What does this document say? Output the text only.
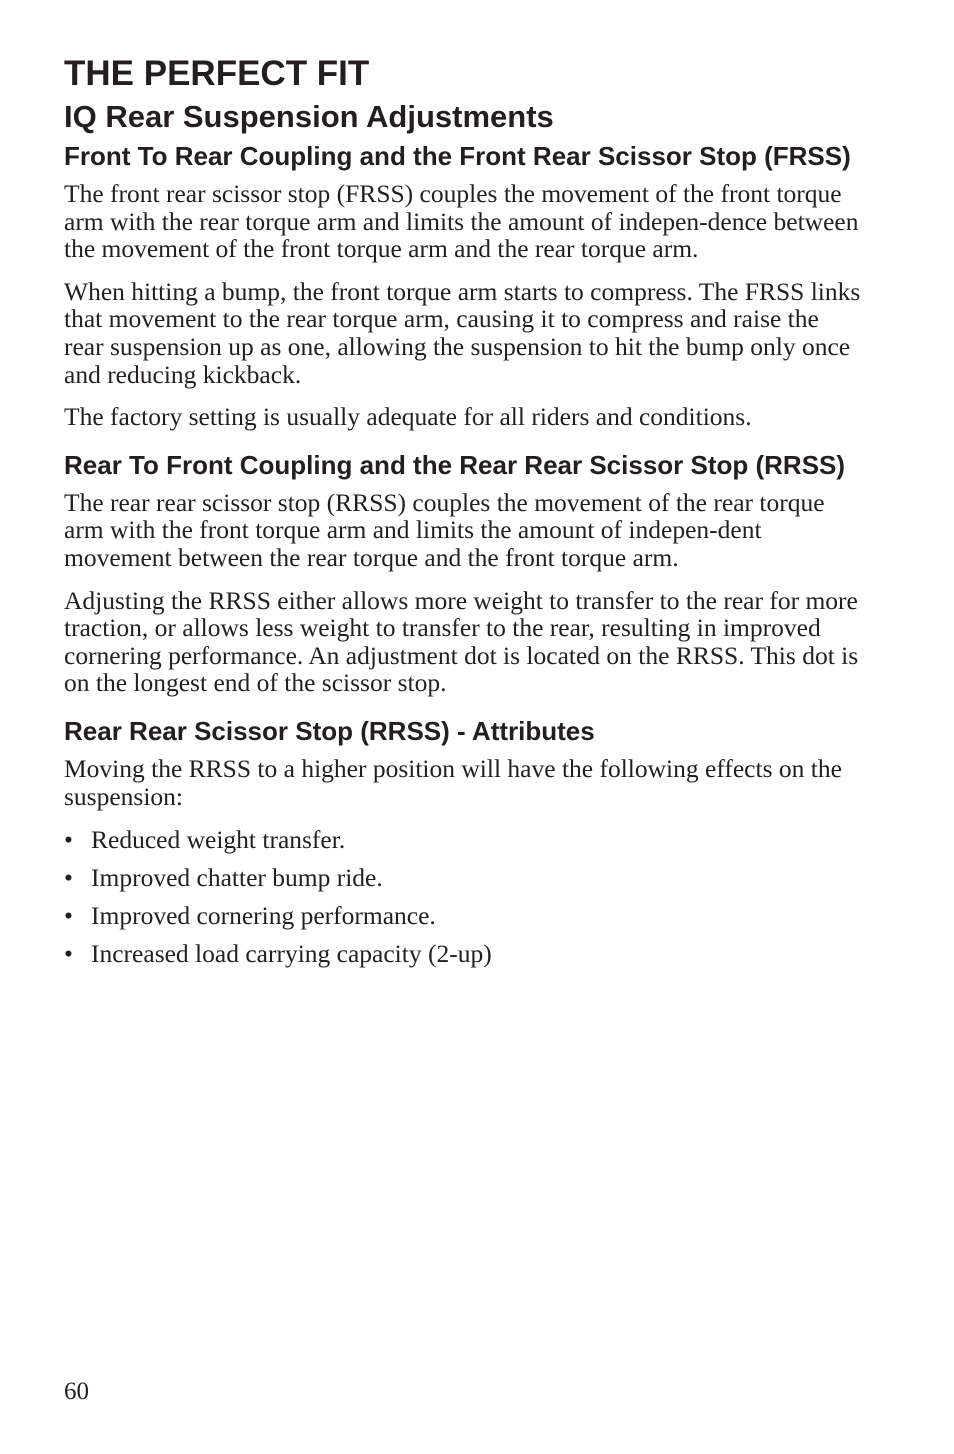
THE PERFECT FIT
IQ Rear Suspension Adjustments
Front To Rear Coupling and the Front Rear Scissor Stop (FRSS)

The front rear scissor stop (FRSS) couples the movement of the front torque arm with the rear torque arm and limits the amount of indepen-dence between the movement of the front torque arm and the rear torque arm.

When hitting a bump, the front torque arm starts to compress. The FRSS links that movement to the rear torque arm, causing it to compress and raise the rear suspension up as one, allowing the suspension to hit the bump only once and reducing kickback.

The factory setting is usually adequate for all riders and conditions.

Rear To Front Coupling and the Rear Rear Scissor Stop (RRSS)

The rear rear scissor stop (RRSS) couples the movement of the rear torque arm with the front torque arm and limits the amount of indepen-dent movement between the rear torque and the front torque arm.

Adjusting the RRSS either allows more weight to transfer to the rear for more traction, or allows less weight to transfer to the rear, resulting in improved cornering performance. An adjustment dot is located on the RRSS. This dot is on the longest end of the scissor stop.

Rear Rear Scissor Stop (RRSS) - Attributes

Moving the RRSS to a higher position will have the following effects on the suspension:

• Reduced weight transfer.
• Improved chatter bump ride.
• Improved cornering performance.
• Increased load carrying capacity (2-up)
60
